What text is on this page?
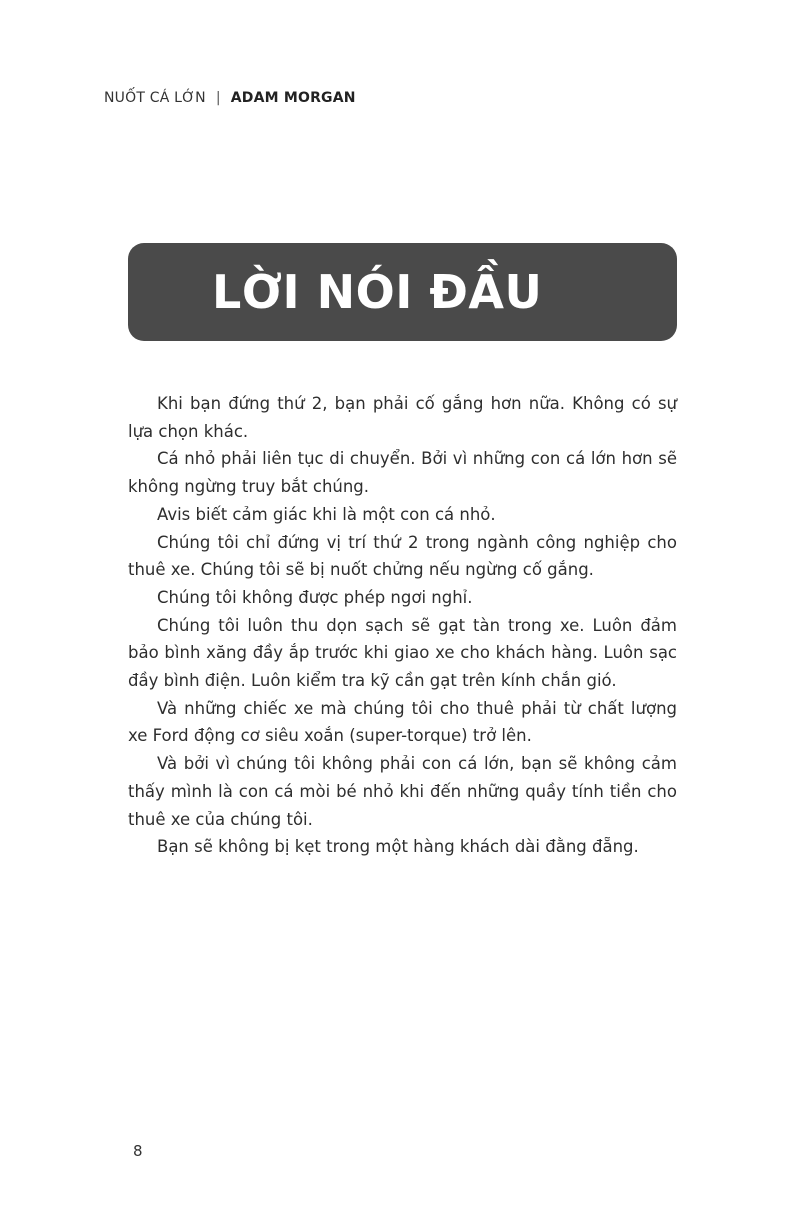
NUỐT CÁ LỚN | ADAM MORGAN
LỜI NÓI ĐẦU

Khi bạn đứng thứ 2, bạn phải cố gắng hơn nữa. Không có sự lựa chọn khác.

Cá nhỏ phải liên tục di chuyển. Bởi vì những con cá lớn hơn sẽ không ngừng truy bắt chúng.

Avis biết cảm giác khi là một con cá nhỏ.

Chúng tôi chỉ đứng vị trí thứ 2 trong ngành công nghiệp cho thuê xe. Chúng tôi sẽ bị nuốt chửng nếu ngừng cố gắng.

Chúng tôi không được phép ngơi nghỉ.

Chúng tôi luôn thu dọn sạch sẽ gạt tàn trong xe. Luôn đảm bảo bình xăng đầy ắp trước khi giao xe cho khách hàng. Luôn sạc đầy bình điện. Luôn kiểm tra kỹ cần gạt trên kính chắn gió.

Và những chiếc xe mà chúng tôi cho thuê phải từ chất lượng xe Ford động cơ siêu xoắn (super-torque) trở lên.

Và bởi vì chúng tôi không phải con cá lớn, bạn sẽ không cảm thấy mình là con cá mòi bé nhỏ khi đến những quầy tính tiền cho thuê xe của chúng tôi.

Bạn sẽ không bị kẹt trong một hàng khách dài đằng đẵng.

8
